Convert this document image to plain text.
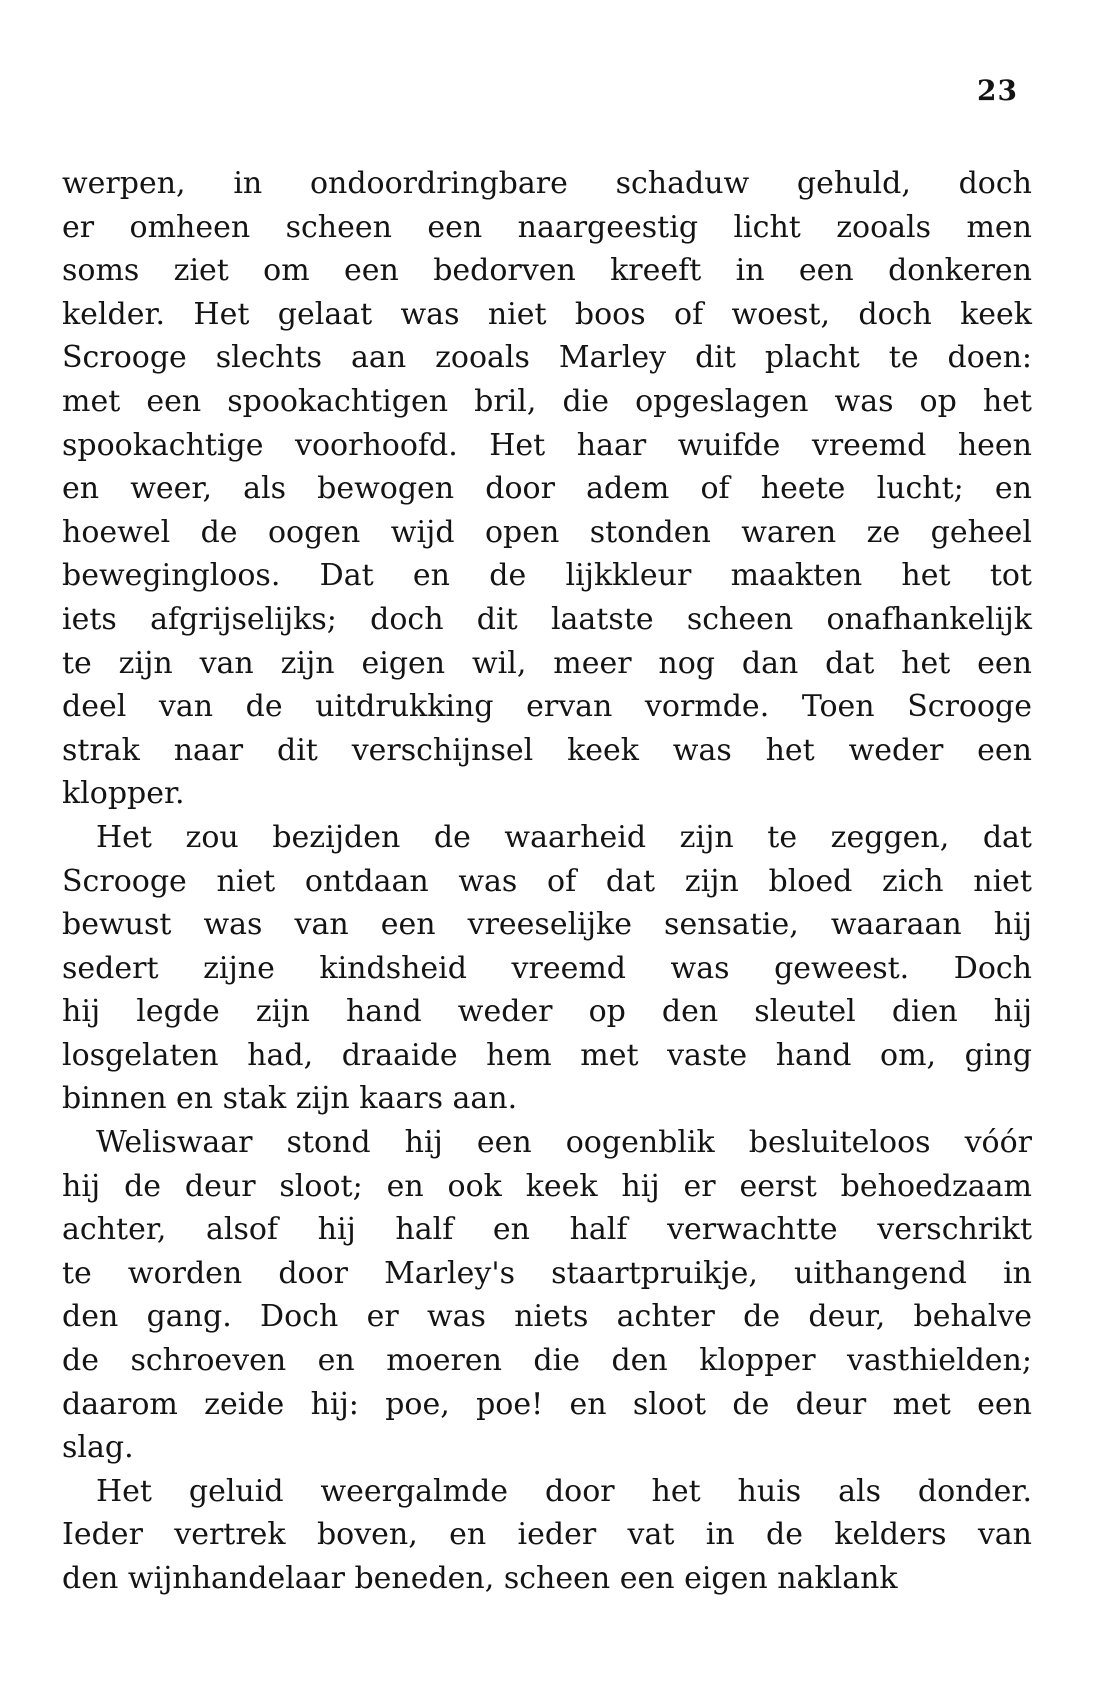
23
werpen, in ondoordringbare schaduw gehuld, doch
er omheen scheen een naargeestig licht zooals men
soms ziet om een bedorven kreeft in een donkeren
kelder. Het gelaat was niet boos of woest, doch keek
Scrooge slechts aan zooals Marley dit placht te doen:
met een spookachtigen bril, die opgeslagen was op het
spookachtige voorhoofd. Het haar wuifde vreemd heen
en weer, als bewogen door adem of heete lucht; en
hoewel de oogen wijd open stonden waren ze geheel
bewegingloos. Dat en de lijkkleur maakten het tot
iets afgrijselijks; doch dit laatste scheen onafhankelijk
te zijn van zijn eigen wil, meer nog dan dat het een
deel van de uitdrukking ervan vormde. Toen Scrooge
strak naar dit verschijnsel keek was het weder een
klopper.
Het zou bezijden de waarheid zijn te zeggen, dat
Scrooge niet ontdaan was of dat zijn bloed zich niet
bewust was van een vreeselijke sensatie, waaraan hij
sedert zijne kindsheid vreemd was geweest. Doch
hij legde zijn hand weder op den sleutel dien hij
losgelaten had, draaide hem met vaste hand om, ging
binnen en stak zijn kaars aan.
Weliswaar stond hij een oogenblik besluiteloos vóór
hij de deur sloot; en ook keek hij er eerst behoedzaam
achter, alsof hij half en half verwachtte verschrikt
te worden door Marley's staartpruikje, uithangend in
den gang. Doch er was niets achter de deur, behalve
de schroeven en moeren die den klopper vasthielden;
daarom zeide hij: poe, poe! en sloot de deur met een
slag.
Het geluid weergalmde door het huis als donder.
Ieder vertrek boven, en ieder vat in de kelders van
den wijnhandelaar beneden, scheen een eigen naklank
